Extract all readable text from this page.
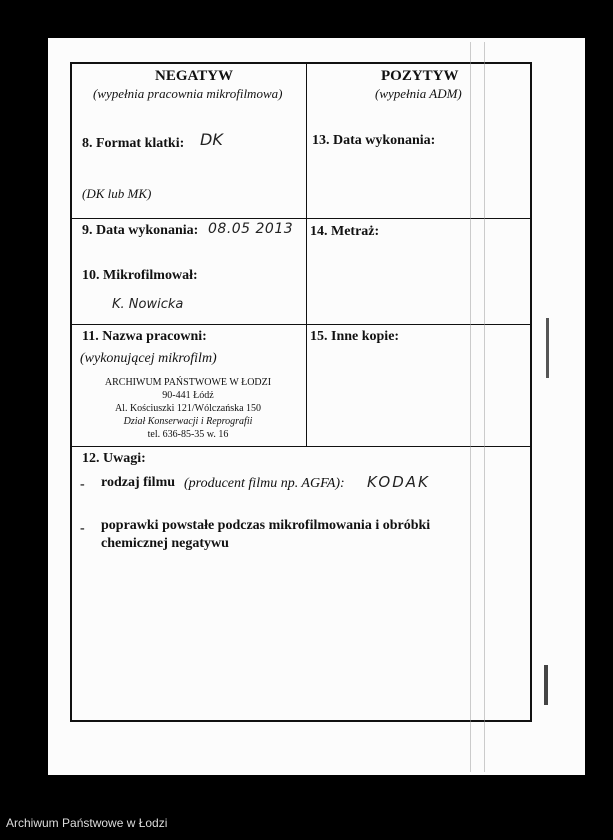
NEGATYW
(wypełnia pracownia mikrofilmowa)
POZYTYW
(wypełnia ADM)
8. Format klatki: DK
(DK lub MK)
13. Data wykonania:
9. Data wykonania: 08.05 2013 14. Metraż:
10. Mikrofilmował:
K. Nowicka
11. Nazwa pracowni:
(wykonującej mikrofilm)
ARCHIWUM PAŃSTWOWE W ŁODZI
90-441 Łódź
Al. Kościuszki 121/Wólczańska 150
Dział Konserwacji i Reprografii
tel. 636-85-35 w. 16
15. Inne kopie:
12. Uwagi:
- rodzaj filmu (producent filmu np. AGFA): KODAK
- poprawki powstałe podczas mikrofilmowania i obróbki
chemicznej negatywu
Archiwum Państwowe w Łodzi
